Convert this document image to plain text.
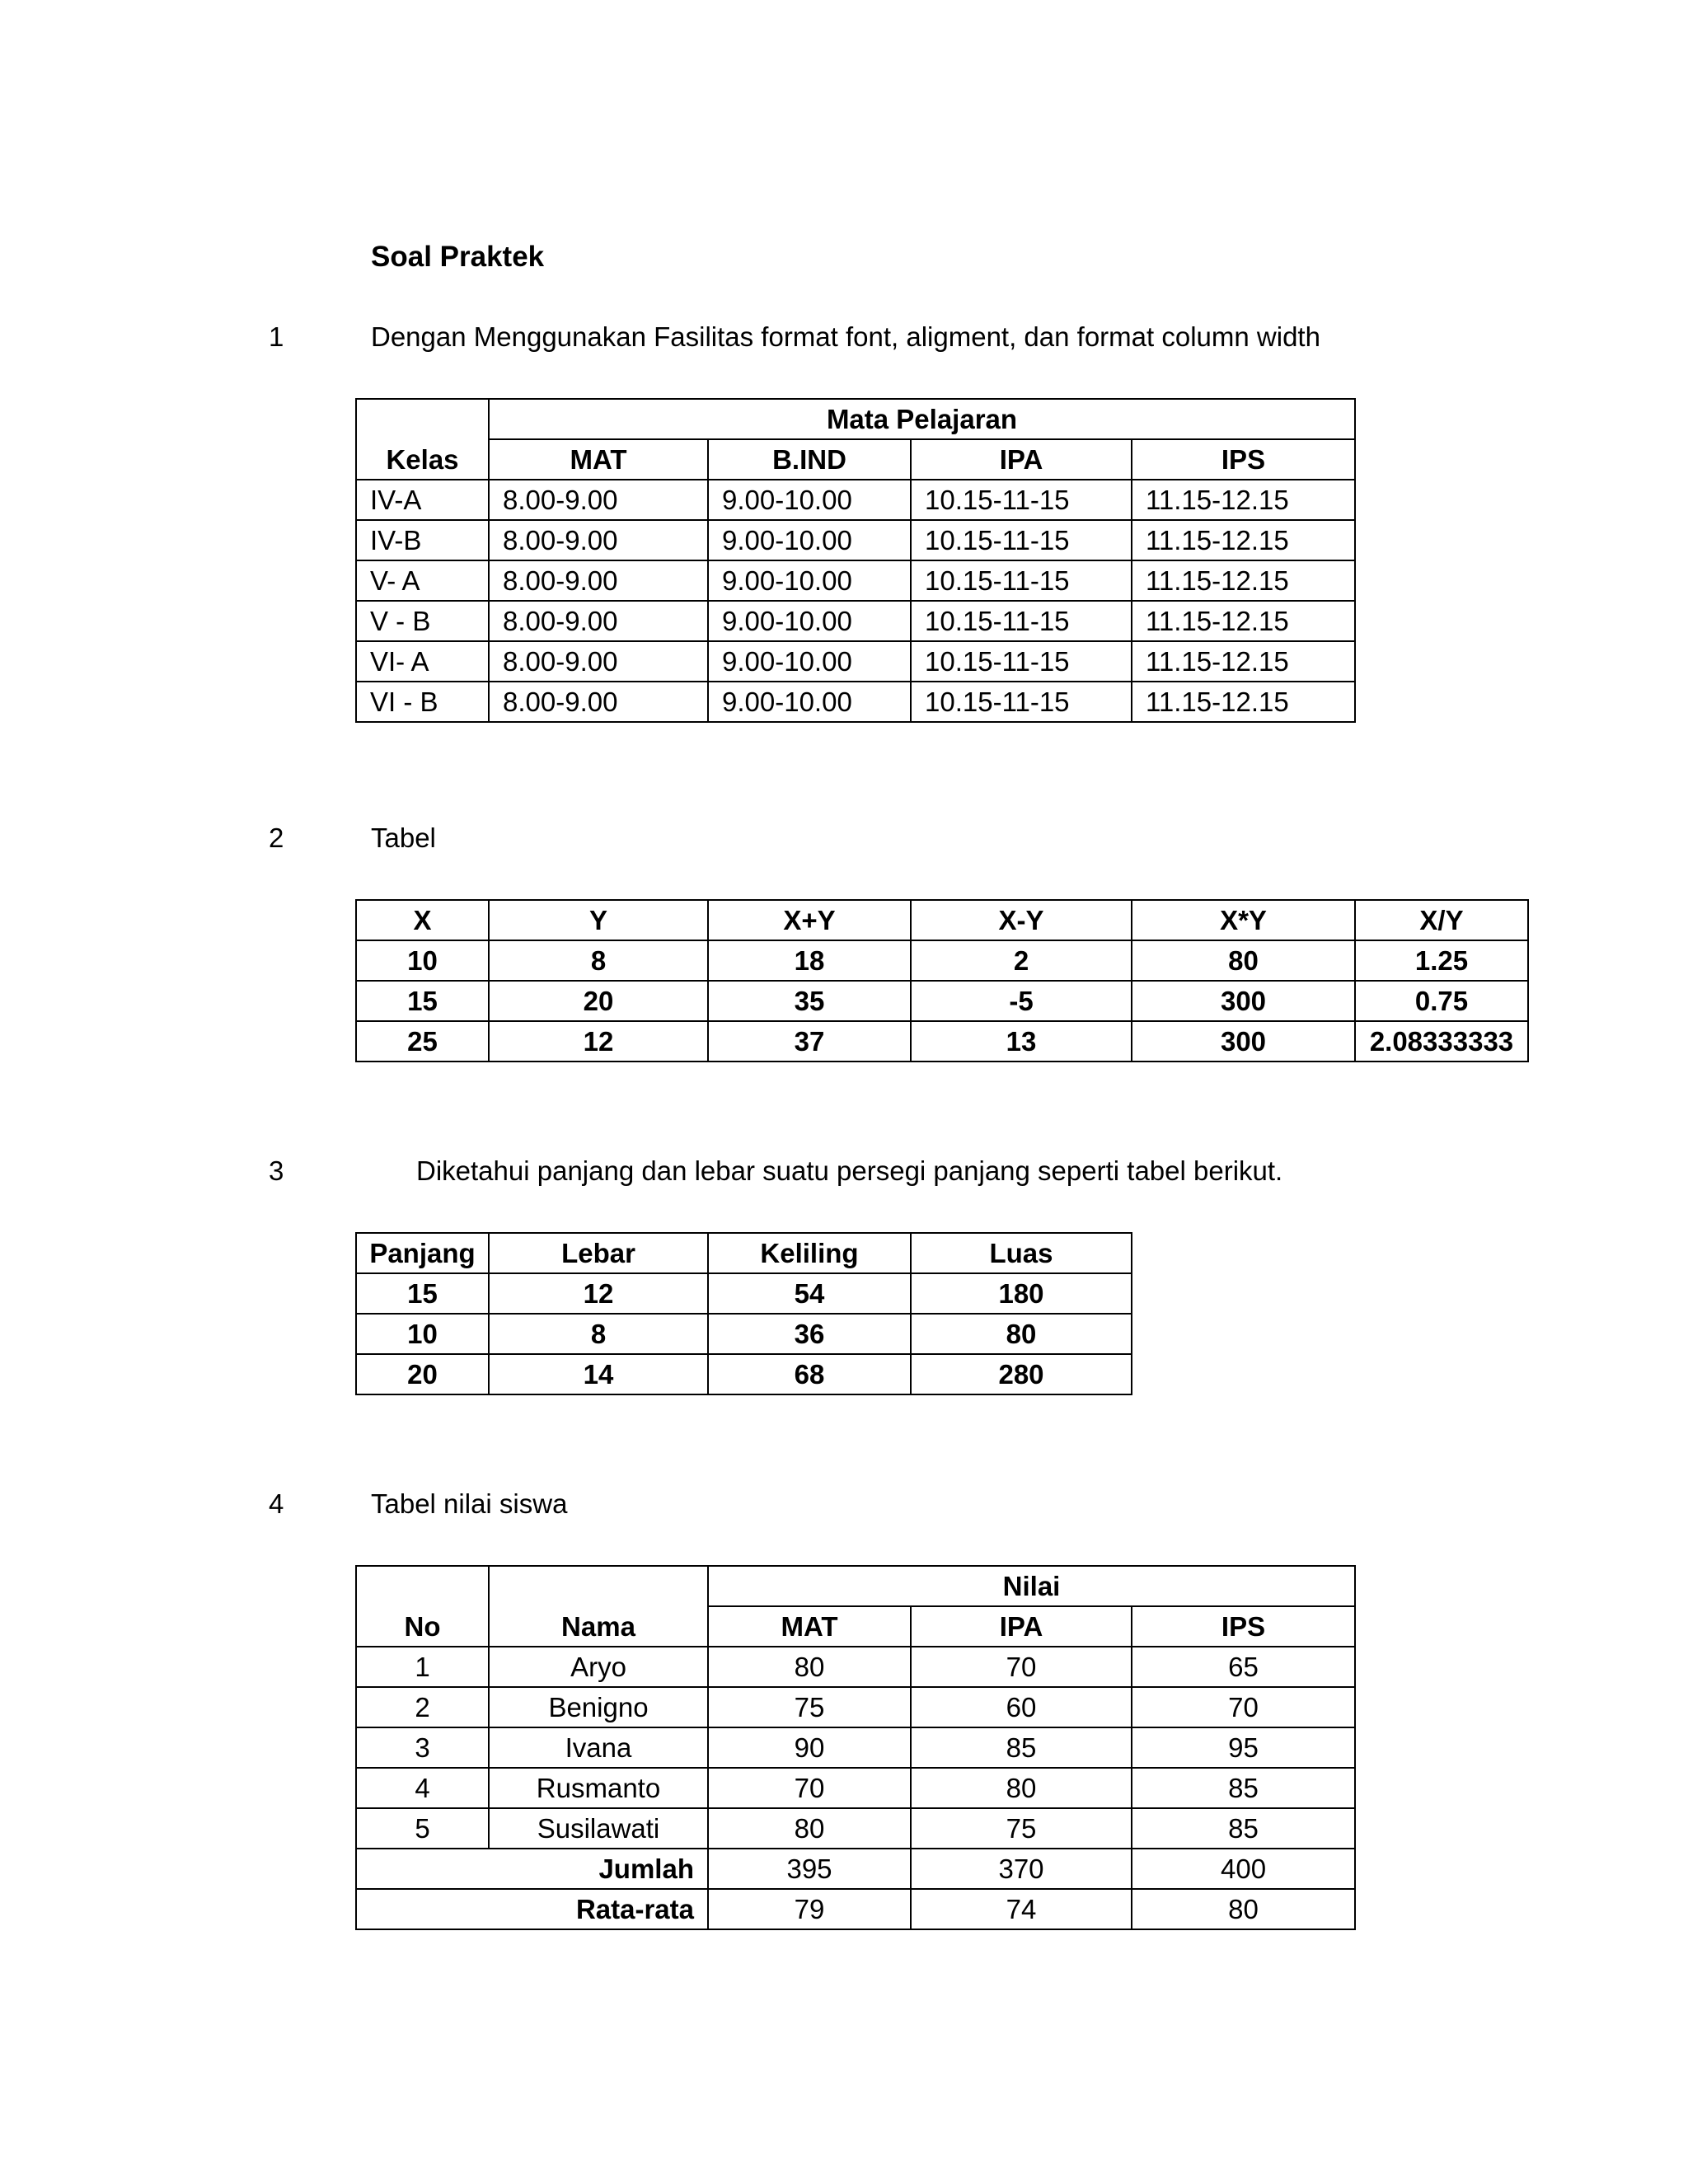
Soal Praktek
1	Dengan Menggunakan Fasilitas format font, aligment, dan format column width
Kelas	Mata Pelajaran			
	MAT	B.IND	IPA	IPS
IV-A	8.00-9.00	9.00-10.00	10.15-11-15	11.15-12.15
IV-B	8.00-9.00	9.00-10.00	10.15-11-15	11.15-12.15
V- A	8.00-9.00	9.00-10.00	10.15-11-15	11.15-12.15
V - B	8.00-9.00	9.00-10.00	10.15-11-15	11.15-12.15
VI- A	8.00-9.00	9.00-10.00	10.15-11-15	11.15-12.15
VI - B	8.00-9.00	9.00-10.00	10.15-11-15	11.15-12.15
2	Tabel
X	Y	X+Y	X-Y	X*Y	X/Y
10	8	18	2	80	1.25
15	20	35	-5	300	0.75
25	12	37	13	300	2.08333333
3	Diketahui panjang dan lebar suatu persegi panjang seperti tabel berikut.
Panjang	Lebar	Keliling	Luas
15	12	54	180
10	8	36	80
20	14	68	280
4	Tabel nilai siswa
No	Nama	Nilai		
		MAT	IPA	IPS
1	Aryo	80	70	65
2	Benigno	75	60	70
3	Ivana	90	85	95
4	Rusmanto	70	80	85
5	Susilawati	80	75	85
Jumlah		395	370	400
Rata-rata		79	74	80
